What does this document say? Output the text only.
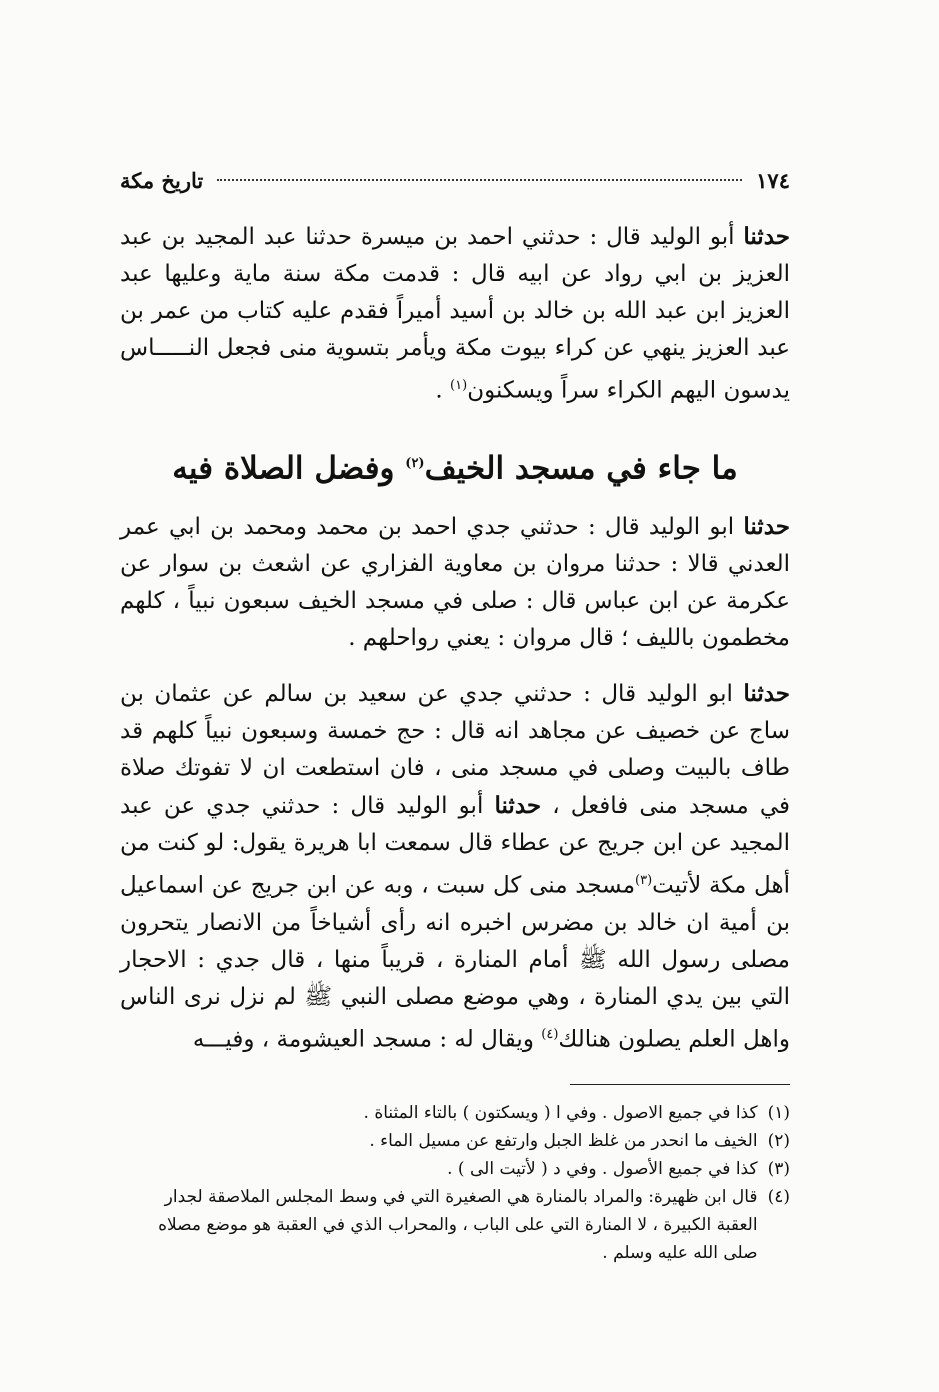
١٧٤
تاريخ مكة

حدثنا أبو الوليد قال : حدثني احمد بن ميسرة حدثنا عبد المجيد بن عبد العزيز بن ابي رواد عن ابيه قال : قدمت مكة سنة ماية وعليها عبد العزيز ابن عبد الله بن خالد بن أسيد أميراً فقدم عليه كتاب من عمر بن عبد العزيز ينهي عن كراء بيوت مكة ويأمر بتسوية منى فجعل النـــــاس يدسون اليهم الكراء سراً ويسكنون$^{(١)}$ .

ما جاء في مسجد الخيف$^{(٢)}$ وفضل الصلاة فيه

حدثنا ابو الوليد قال : حدثني جدي احمد بن محمد ومحمد بن ابي عمر العدني قالا : حدثنا مروان بن معاوية الفزاري عن اشعث بن سوار عن عكرمة عن ابن عباس قال : صلى في مسجد الخيف سبعون نبياً ، كلهم مخطمون بالليف ؛ قال مروان : يعني رواحلهم .

حدثنا ابو الوليد قال : حدثني جدي عن سعيد بن سالم عن عثمان بن ساج عن خصيف عن مجاهد انه قال : حج خمسة وسبعون نبياً كلهم قد طاف بالبيت وصلى في مسجد منى ، فان استطعت ان لا تفوتك صلاة في مسجد منى فافعل ، حدثنا أبو الوليد قال : حدثني جدي عن عبد المجيد عن ابن جريج عن عطاء قال سمعت ابا هريرة يقول: لو كنت من أهل مكة لأتيت$^{(٣)}$مسجد منى كل سبت ، وبه عن ابن جريج عن اسماعيل بن أمية ان خالد بن مضرس اخبره انه رأى أشياخاً من الانصار يتحرون مصلى رسول الله ﷺ أمام المنارة ، قريباً منها ، قال جدي : الاحجار التي بين يدي المنارة ، وهي موضع مصلى النبي ﷺ لم نزل نرى الناس واهل العلم يصلون هنالك$^{(٤)}$ ويقال له : مسجد العيشومة ، وفيـــه

(١)
كذا في جميع الاصول . وفي ا ( ويسكتون ) بالتاء المثناة .
(٢)
الخيف ما انحدر من غلظ الجبل وارتفع عن مسيل الماء .
(٣)
كذا في جميع الأصول . وفي د ( لأتيت الى ) .
(٤)
قال ابن ظهيرة: والمراد بالمنارة هي الصغيرة التي في وسط المجلس الملاصقة لجدار العقبة الكبيرة ، لا المنارة التي على الباب ، والمحراب الذي في العقبة هو موضع مصلاه صلى الله عليه وسلم .
